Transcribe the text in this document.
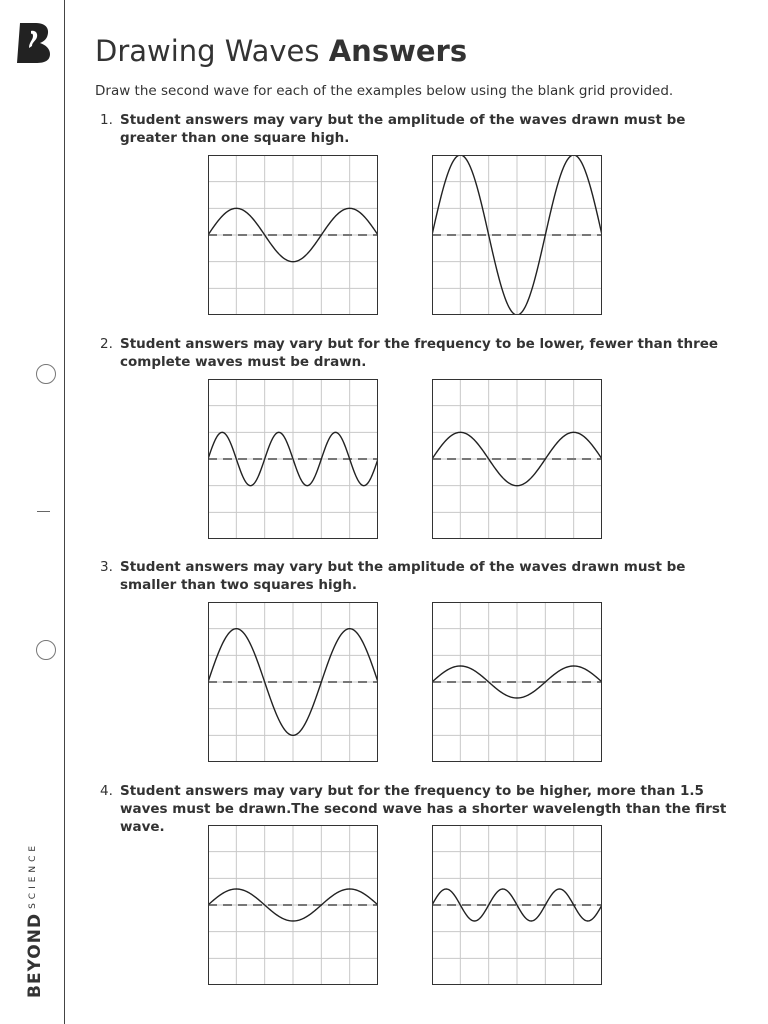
$BEYOND^{SCIENCE}$
Drawing Waves Answers
Draw the second wave for each of the examples below using the blank grid provided.
1. Student answers may vary but the amplitude of the waves drawn must be greater than one square high.
2. Student answers may vary but for the frequency to be lower, fewer than three complete waves must be drawn.
3. Student answers may vary but the amplitude of the waves drawn must be smaller than two squares high.
4. Student answers may vary but for the frequency to be higher, more than 1.5 waves must be drawn.The second wave has a shorter wavelength than the first wave.
